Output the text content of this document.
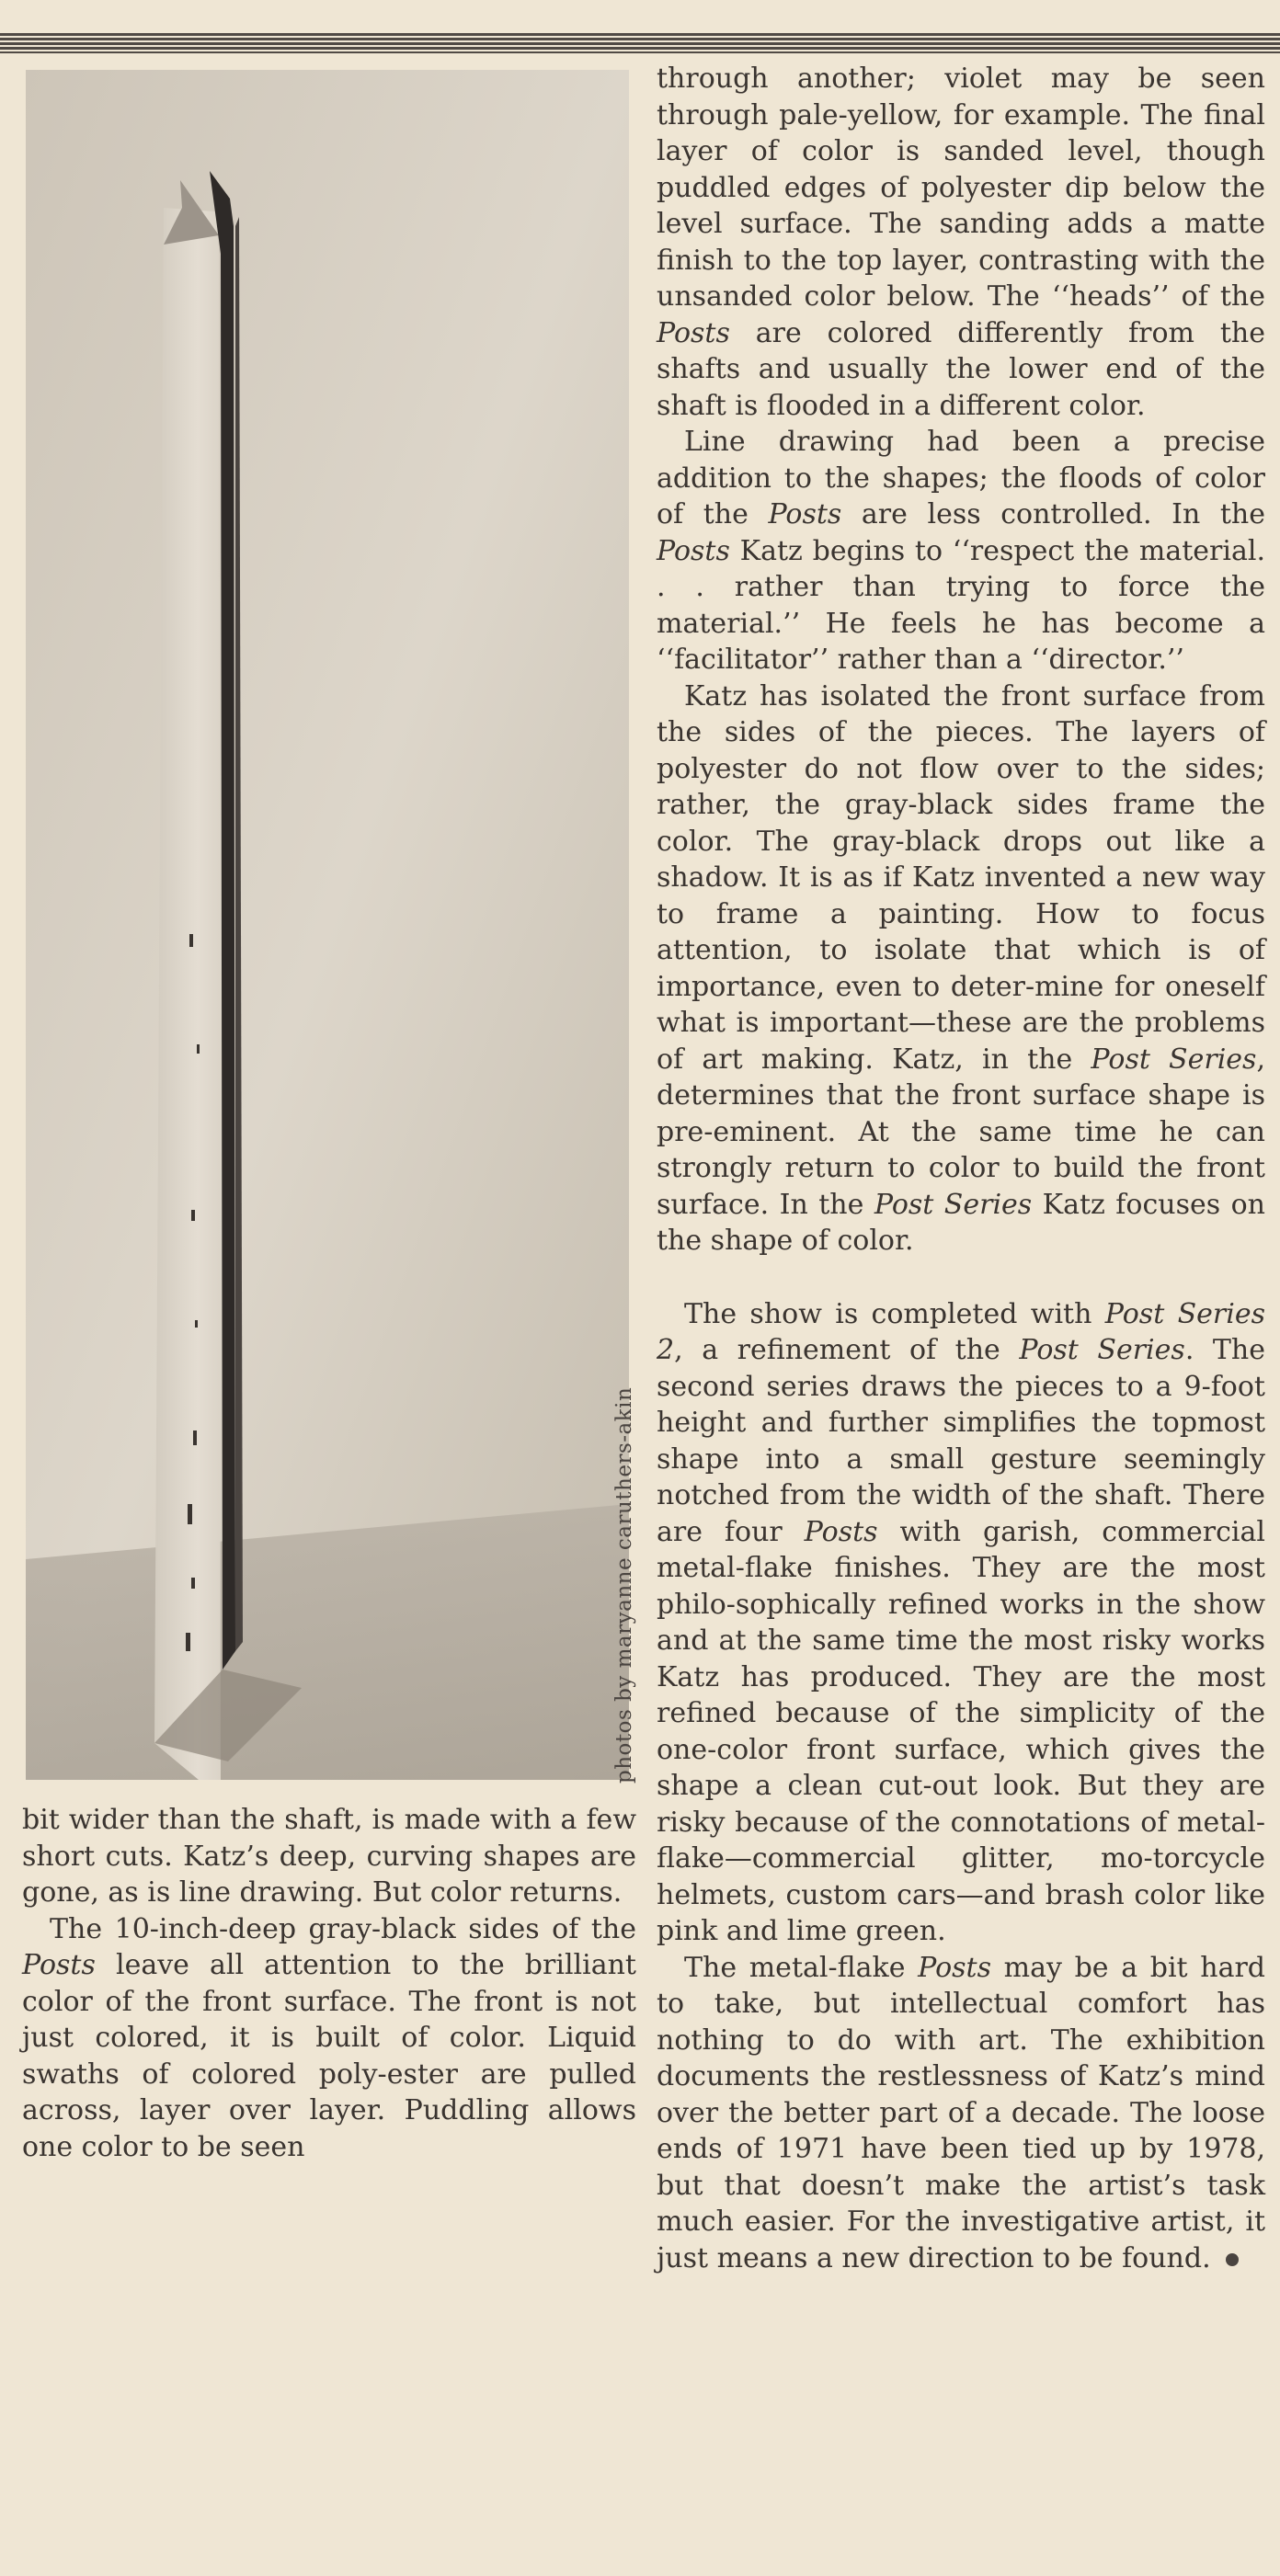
photos by maryanne caruthers-akin

bit wider than the shaft, is made with a few short cuts. Katz’s deep, curving shapes are gone, as is line drawing. But color returns.

The 10-inch-deep gray-black sides of the Posts leave all attention to the brilliant color of the front surface. The front is not just colored, it is built of color. Liquid swaths of colored poly-ester are pulled across, layer over layer. Puddling allows one color to be seen

through another; violet may be seen through pale-yellow, for example. The final layer of color is sanded level, though puddled edges of polyester dip below the level surface. The sanding adds a matte finish to the top layer, contrasting with the unsanded color below. The ‘‘heads’’ of the Posts are colored differently from the shafts and usually the lower end of the shaft is flooded in a different color.

Line drawing had been a precise addition to the shapes; the floods of color of the Posts are less controlled. In the Posts Katz begins to ‘‘respect the material. . . rather than trying to force the material.’’ He feels he has become a ‘‘facilitator’’ rather than a ‘‘director.’’

Katz has isolated the front surface from the sides of the pieces. The layers of polyester do not flow over to the sides; rather, the gray-black sides frame the color. The gray-black drops out like a shadow. It is as if Katz invented a new way to frame a painting. How to focus attention, to isolate that which is of importance, even to deter-mine for oneself what is important—these are the problems of art making. Katz, in the Post Series, determines that the front surface shape is pre-eminent. At the same time he can strongly return to color to build the front surface. In the Post Series Katz focuses on the shape of color.

The show is completed with Post Series 2, a refinement of the Post Series. The second series draws the pieces to a 9-foot height and further simplifies the topmost shape into a small gesture seemingly notched from the width of the shaft. There are four Posts with garish, commercial metal-flake finishes. They are the most philo-sophically refined works in the show and at the same time the most risky works Katz has produced. They are the most refined because of the simplicity of the one-color front surface, which gives the shape a clean cut-out look. But they are risky because of the connotations of metal-flake—commercial glitter, mo-torcycle helmets, custom cars—and brash color like pink and lime green.

The metal-flake Posts may be a bit hard to take, but intellectual comfort has nothing to do with art. The exhibition documents the restlessness of Katz’s mind over the better part of a decade. The loose ends of 1971 have been tied up by 1978, but that doesn’t make the artist’s task much easier. For the investigative artist, it just means a new direction to be found.
